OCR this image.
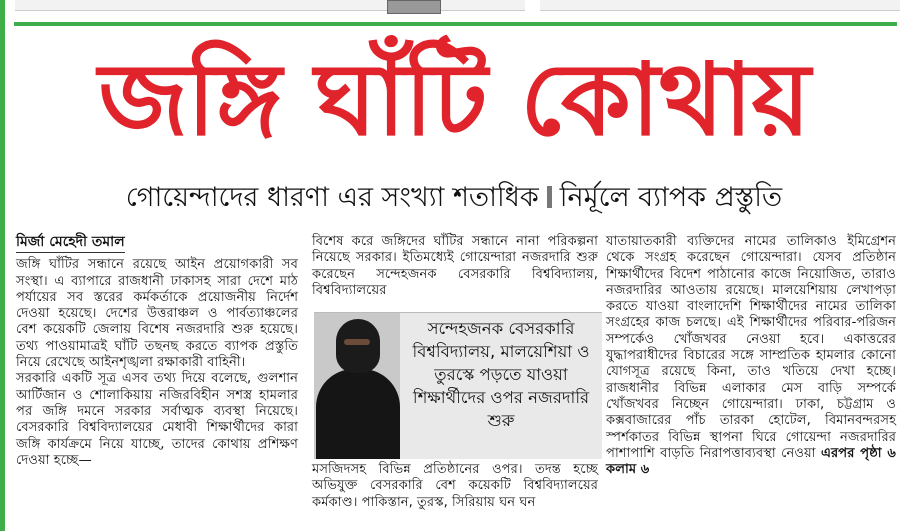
জঙ্গি ঘাঁটি কোথায়
গোয়েন্দাদের ধারণা এর সংখ্যা শতাধিক নির্মূলে ব্যাপক প্রস্তুতি

মির্জা মেহেদী তমাল

জঙ্গি ঘাঁটির সন্ধানে রয়েছে আইন প্রয়োগকারী সব সংস্থা। এ ব্যাপারে রাজধানী ঢাকাসহ সারা দেশে মাঠ পর্যায়ের সব স্তরের কর্মকর্তাকে প্রয়োজনীয় নির্দেশ দেওয়া হয়েছে। দেশের উত্তরাঞ্চল ও পার্বত্যাঞ্চলের বেশ কয়েকটি জেলায় বিশেষ নজরদারি শুরু হয়েছে। তথ্য পাওয়ামাত্রই ঘাঁটি তছনছ করতে ব্যাপক প্রস্তুতি নিয়ে রেখেছে আইনশৃঙ্খলা রক্ষাকারী বাহিনী।

সরকারি একটি সূত্র এসব তথ্য দিয়ে বলেছে, গুলশান আর্টিজান ও শোলাকিয়ায় নজিরবিহীন সশস্ত্র হামলার পর জঙ্গি দমনে সরকার সর্বাত্মক ব্যবস্থা নিয়েছে। বেসরকারি বিশ্ববিদ্যালয়ের মেধাবী শিক্ষার্থীদের কারা জঙ্গি কার্যক্রমে নিয়ে যাচ্ছে, তাদের কোথায় প্রশিক্ষণ দেওয়া হচ্ছে—

বিশেষ করে জঙ্গিদের ঘাঁটির সন্ধানে নানা পরিকল্পনা নিয়েছে সরকার। ইতিমধ্যেই গোয়েন্দারা নজরদারি শুরু করেছেন সন্দেহজনক বেসরকারি বিশ্ববিদ্যালয়, বিশ্ববিদ্যালয়ের

সন্দেহজনক বেসরকারি বিশ্ববিদ্যালয়, মালয়েশিয়া ও তুরস্কে পড়তে যাওয়া শিক্ষার্থীদের ওপর নজরদারি শুরু

মসজিদসহ বিভিন্ন প্রতিষ্ঠানের ওপর। তদন্ত হচ্ছে অভিযুক্ত বেসরকারি বেশ কয়েকটি বিশ্ববিদ্যালয়ের কর্মকাণ্ড। পাকিস্তান, তুরস্ক, সিরিয়ায় ঘন ঘন

যাতায়াতকারী ব্যক্তিদের নামের তালিকাও ইমিগ্রেশন থেকে সংগ্রহ করেছেন গোয়েন্দারা। যেসব প্রতিষ্ঠান শিক্ষার্থীদের বিদেশ পাঠানোর কাজে নিয়োজিত, তারাও নজরদারির আওতায় রয়েছে। মালয়েশিয়ায় লেখাপড়া করতে যাওয়া বাংলাদেশি শিক্ষার্থীদের নামের তালিকা সংগ্রহের কাজ চলছে। এই শিক্ষার্থীদের পরিবার-পরিজন সম্পর্কেও খোঁজখবর নেওয়া হবে। একাত্তরের যুদ্ধাপরাধীদের বিচারের সঙ্গে সাম্প্রতিক হামলার কোনো যোগসূত্র রয়েছে কিনা, তাও খতিয়ে দেখা হচ্ছে। রাজধানীর বিভিন্ন এলাকার মেস বাড়ি সম্পর্কে খোঁজখবর নিচ্ছেন গোয়েন্দারা। ঢাকা, চট্টগ্রাম ও কক্সবাজারের পাঁচ তারকা হোটেল, বিমানবন্দরসহ স্পর্শকাতর বিভিন্ন স্থাপনা ঘিরে গোয়েন্দা নজরদারির পাশাপাশি বাড়তি নিরাপত্তাব্যবস্থা নেওয়া এরপর পৃষ্ঠা ৬ কলাম ৬
